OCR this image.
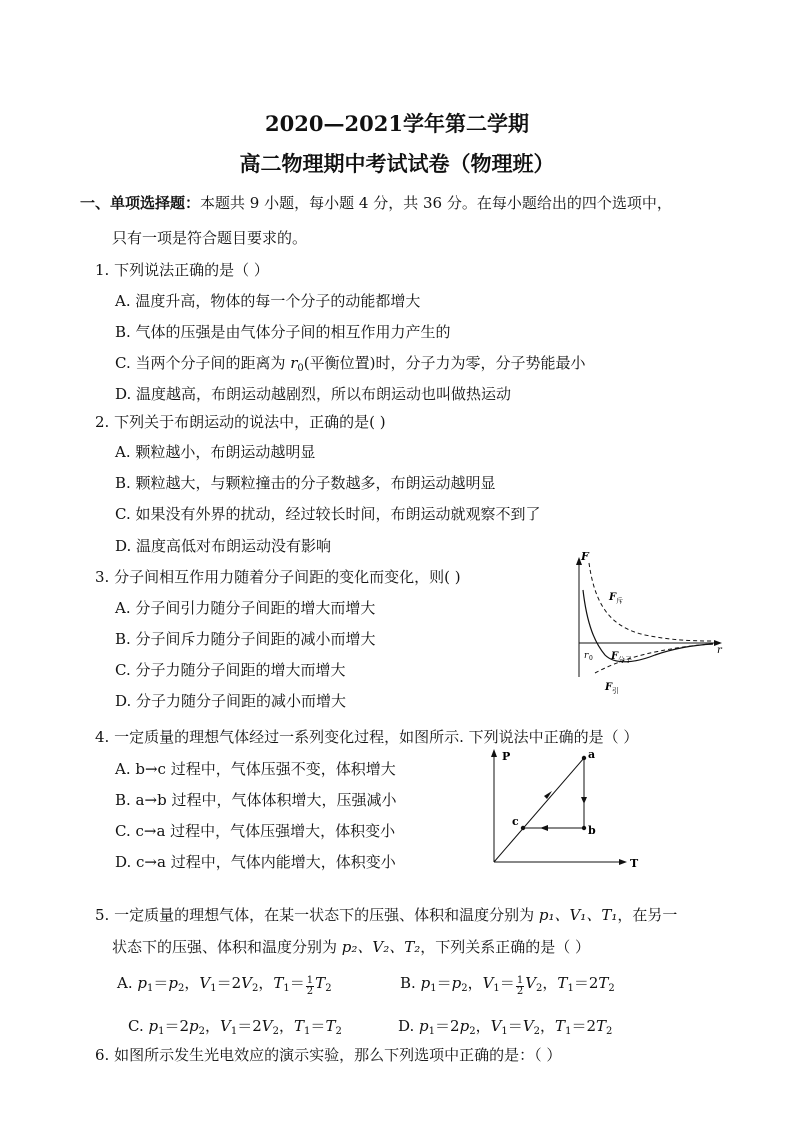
2020—2021学年第二学期
高二物理期中考试试卷（物理班）
一、单项选择题：本题共 9 小题，每小题 4 分，共 36 分。在每小题给出的四个选项中，
只有一项是符合题目要求的。
1. 下列说法正确的是（ ）
A. 温度升高，物体的每一个分子的动能都增大
B. 气体的压强是由气体分子间的相互作用力产生的
C. 当两个分子间的距离为 $r_0$(平衡位置)时，分子力为零，分子势能最小
D. 温度越高，布朗运动越剧烈，所以布朗运动也叫做热运动
2. 下列关于布朗运动的说法中，正确的是( )
A. 颗粒越小，布朗运动越明显
B. 颗粒越大，与颗粒撞击的分子数越多，布朗运动越明显
C. 如果没有外界的扰动，经过较长时间，布朗运动就观察不到了
D. 温度高低对布朗运动没有影响
3. 分子间相互作用力随着分子间距的变化而变化，则( )
A. 分子间引力随分子间距的增大而增大
B. 分子间斥力随分子间距的减小而增大
C. 分子力随分子间距的增大而增大
D. 分子力随分子间距的减小而增大
F
F 斥
r 0 F 分子
r
F 引
4. 一定质量的理想气体经过一系列变化过程，如图所示. 下列说法中正确的是（ ）
A. b→c 过程中，气体压强不变，体积增大
B. a→b 过程中，气体体积增大，压强减小
C. c→a 过程中，气体压强增大，体积变小
D. c→a 过程中，气体内能增大，体积变小
P
T
a
b
c
5. 一定质量的理想气体，在某一状态下的压强、体积和温度分别为 p₁、V₁、T₁，在另一
状态下的压强、体积和温度分别为 p₂、V₂、T₂，下列关系正确的是（ ）
A. $p_1=p_2$，$V_1=2V_2$，$T_1= \frac{1}{2} T_2$	B. $p_1=p_2$，$V_1= \frac{1}{2} V_2$，$T_1=2T_2$
C. $p_1=2p_2$，$V_1=2V_2$，$T_1=T_2$	D. $p_1=2p_2$，$V_1=V_2$，$T_1=2T_2$
6. 如图所示发生光电效应的演示实验，那么下列选项中正确的是：（ ）
